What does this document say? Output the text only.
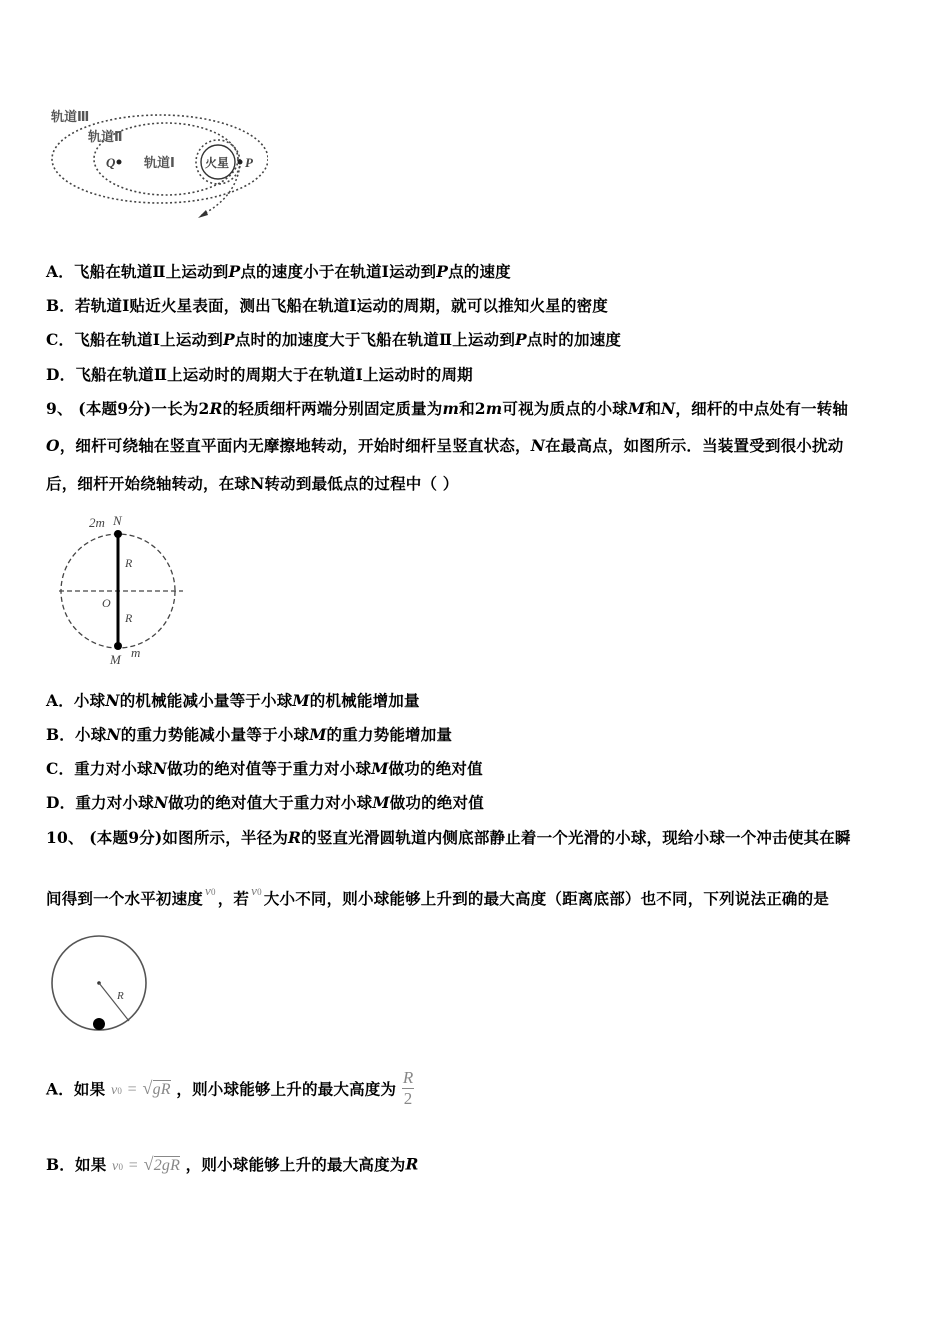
轨道Ⅲ
轨道Ⅱ
Q 轨道Ⅰ	火星 P
A．飞船在轨道Ⅱ上运动到P点的速度小于在轨道Ⅰ运动到P点的速度
B．若轨道Ⅰ贴近火星表面，测出飞船在轨道Ⅰ运动的周期，就可以推知火星的密度
C．飞船在轨道Ⅰ上运动到P点时的加速度大于飞船在轨道Ⅱ上运动到P点时的加速度
D．飞船在轨道Ⅱ上运动时的周期大于在轨道Ⅰ上运动时的周期
9、 (本题9分)一长为2R的轻质细杆两端分别固定质量为m和2m可视为质点的小球M和N，细杆的中点处有一转轴
O，细杆可绕轴在竖直平面内无摩擦地转动，开始时细杆呈竖直状态，N在最高点，如图所示．当装置受到很小扰动
后，细杆开始绕轴转动，在球N转动到最低点的过程中（ ）
2m N
R
O
R
M m
A．小球N的机械能减小量等于小球M的机械能增加量
B．小球N的重力势能减小量等于小球M的重力势能增加量
C．重力对小球N做功的绝对值等于重力对小球M做功的绝对值
D．重力对小球N做功的绝对值大于重力对小球M做功的绝对值
10、 (本题9分)如图所示，半径为R的竖直光滑圆轨道内侧底部静止着一个光滑的小球，现给小球一个冲击使其在瞬
间得到一个水平初速度 $^{v0}$ ，若 $^{v0}$ 大小不同，则小球能够上升到的最大高度（距离底部）也不同，下列说法正确的是
R
A．如果 v0 = √gR ，则小球能够上升的最大高度为 $\frac{R}{2}$
B．如果 v0 = √2gR ，则小球能够上升的最大高度为R
